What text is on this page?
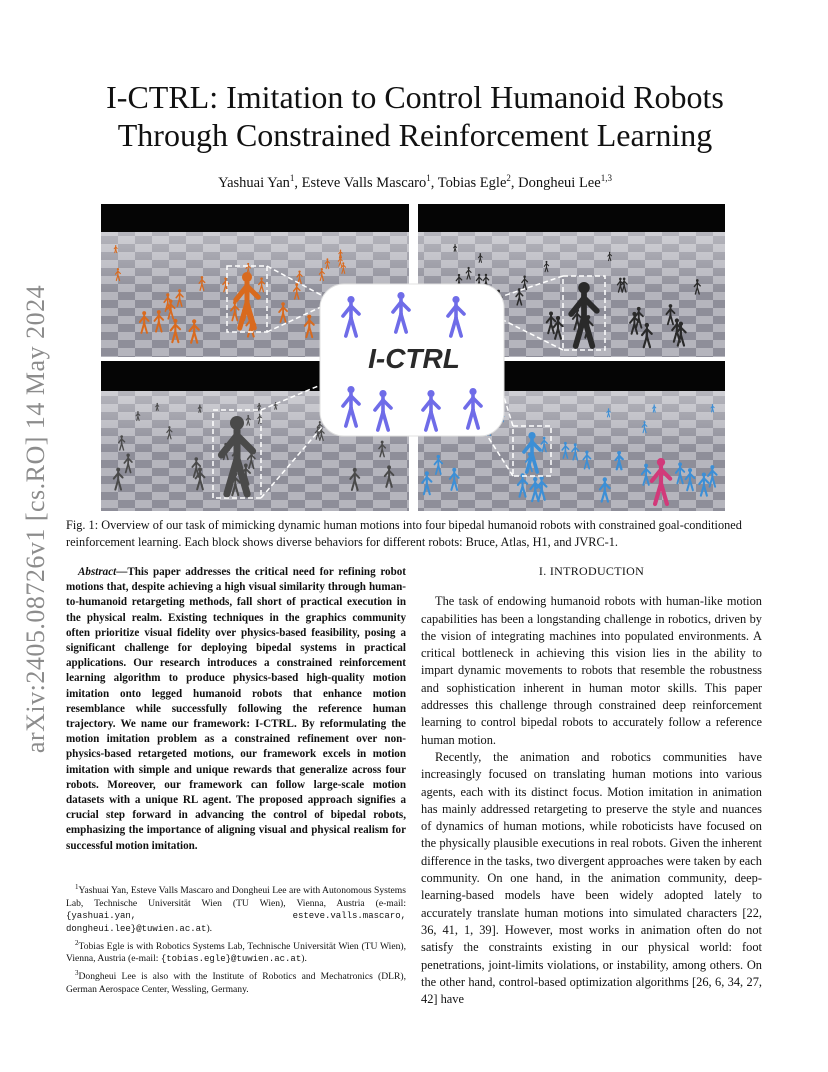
arXiv:2405.08726v1 [cs.RO] 14 May 2024
I-CTRL: Imitation to Control Humanoid Robots
Through Constrained Reinforcement Learning
Yashuai Yan$^1$, Esteve Valls Mascaro$^1$, Tobias Egle$^2$, Dongheui Lee$^{1,3}$
I-CTRL
Fig. 1: Overview of our task of mimicking dynamic human motions into four bipedal humanoid robots with constrained goal-conditioned reinforcement learning. Each block shows diverse behaviors for different robots: Bruce, Atlas, H1, and JVRC-1.

Abstract—This paper addresses the critical need for refining robot motions that, despite achieving a high visual similarity through human-to-humanoid retargeting methods, fall short of practical execution in the physical realm. Existing techniques in the graphics community often prioritize visual fidelity over physics-based feasibility, posing a significant challenge for deploying bipedal systems in practical applications. Our research introduces a constrained reinforcement learning algorithm to produce physics-based high-quality motion imitation onto legged humanoid robots that enhance motion resemblance while successfully following the reference human trajectory. We name our framework: I-CTRL. By reformulating the motion imitation problem as a constrained refinement over non-physics-based retargeted motions, our framework excels in motion imitation with simple and unique rewards that generalize across four robots. Moreover, our framework can follow large-scale motion datasets with a unique RL agent. The proposed approach signifies a crucial step forward in advancing the control of bipedal robots, emphasizing the importance of aligning visual and physical realism for successful motion imitation.

$^1$Yashuai Yan, Esteve Valls Mascaro and Dongheui Lee are with Autonomous Systems Lab, Technische Universität Wien (TU Wien), Vienna, Austria (e-mail: {yashuai.yan, esteve.valls.mascaro, dongheui.lee}@tuwien.ac.at).

$^2$Tobias Egle is with Robotics Systems Lab, Technische Universität Wien (TU Wien), Vienna, Austria (e-mail: {tobias.egle}@tuwien.ac.at).

$^3$Dongheui Lee is also with the Institute of Robotics and Mechatronics (DLR), German Aerospace Center, Wessling, Germany.

I. INTRODUCTION

The task of endowing humanoid robots with human-like motion capabilities has been a longstanding challenge in robotics, driven by the vision of integrating machines into populated environments. A critical bottleneck in achieving this vision lies in the ability to impart dynamic movements to robots that resemble the robustness and sophistication inherent in human motor skills. This paper addresses this challenge through constrained deep reinforcement learning to control bipedal robots to accurately follow a reference human motion.

Recently, the animation and robotics communities have increasingly focused on translating human motions into various agents, each with its distinct focus. Motion imitation in animation has mainly addressed retargeting to preserve the style and nuances of dynamics of human motions, while roboticists have focused on the physically plausible executions in real robots. Given the inherent difference in the tasks, two divergent approaches were taken by each community. On one hand, in the animation community, deep-learning-based models have been widely adopted lately to accurately translate human motions into simulated characters [22, 36, 41, 1, 39]. However, most works in animation often do not satisfy the constraints existing in our physical world: foot penetrations, joint-limits violations, or instability, among others. On the other hand, control-based optimization algorithms [26, 6, 34, 27, 42] have
